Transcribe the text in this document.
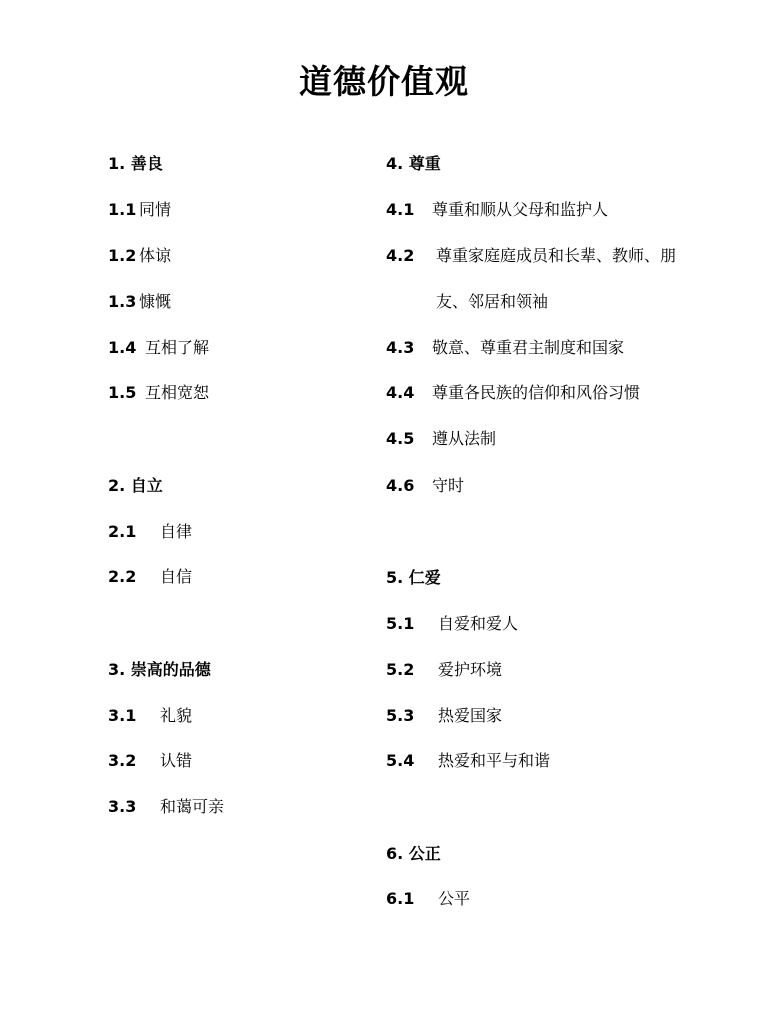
道德价值观
1. 善良
1.1 同情
1.2 体谅
1.3 慷慨
1.4 互相了解
1.5 互相宽恕
2. 自立
2.1 自律
2.2 自信
3. 崇高的品德
3.1 礼貌
3.2 认错
3.3 和蔼可亲
4. 尊重
4.1 尊重和顺从父母和监护人
4.2 尊重家庭庭成员和长辈、教师、朋
友、邻居和领袖
4.3 敬意、尊重君主制度和国家
4.4 尊重各民族的信仰和风俗习惯
4.5 遵从法制
4.6 守时
5. 仁爱
5.1 自爱和爱人
5.2 爱护环境
5.3 热爱国家
5.4 热爱和平与和谐
6. 公正
6.1 公平
